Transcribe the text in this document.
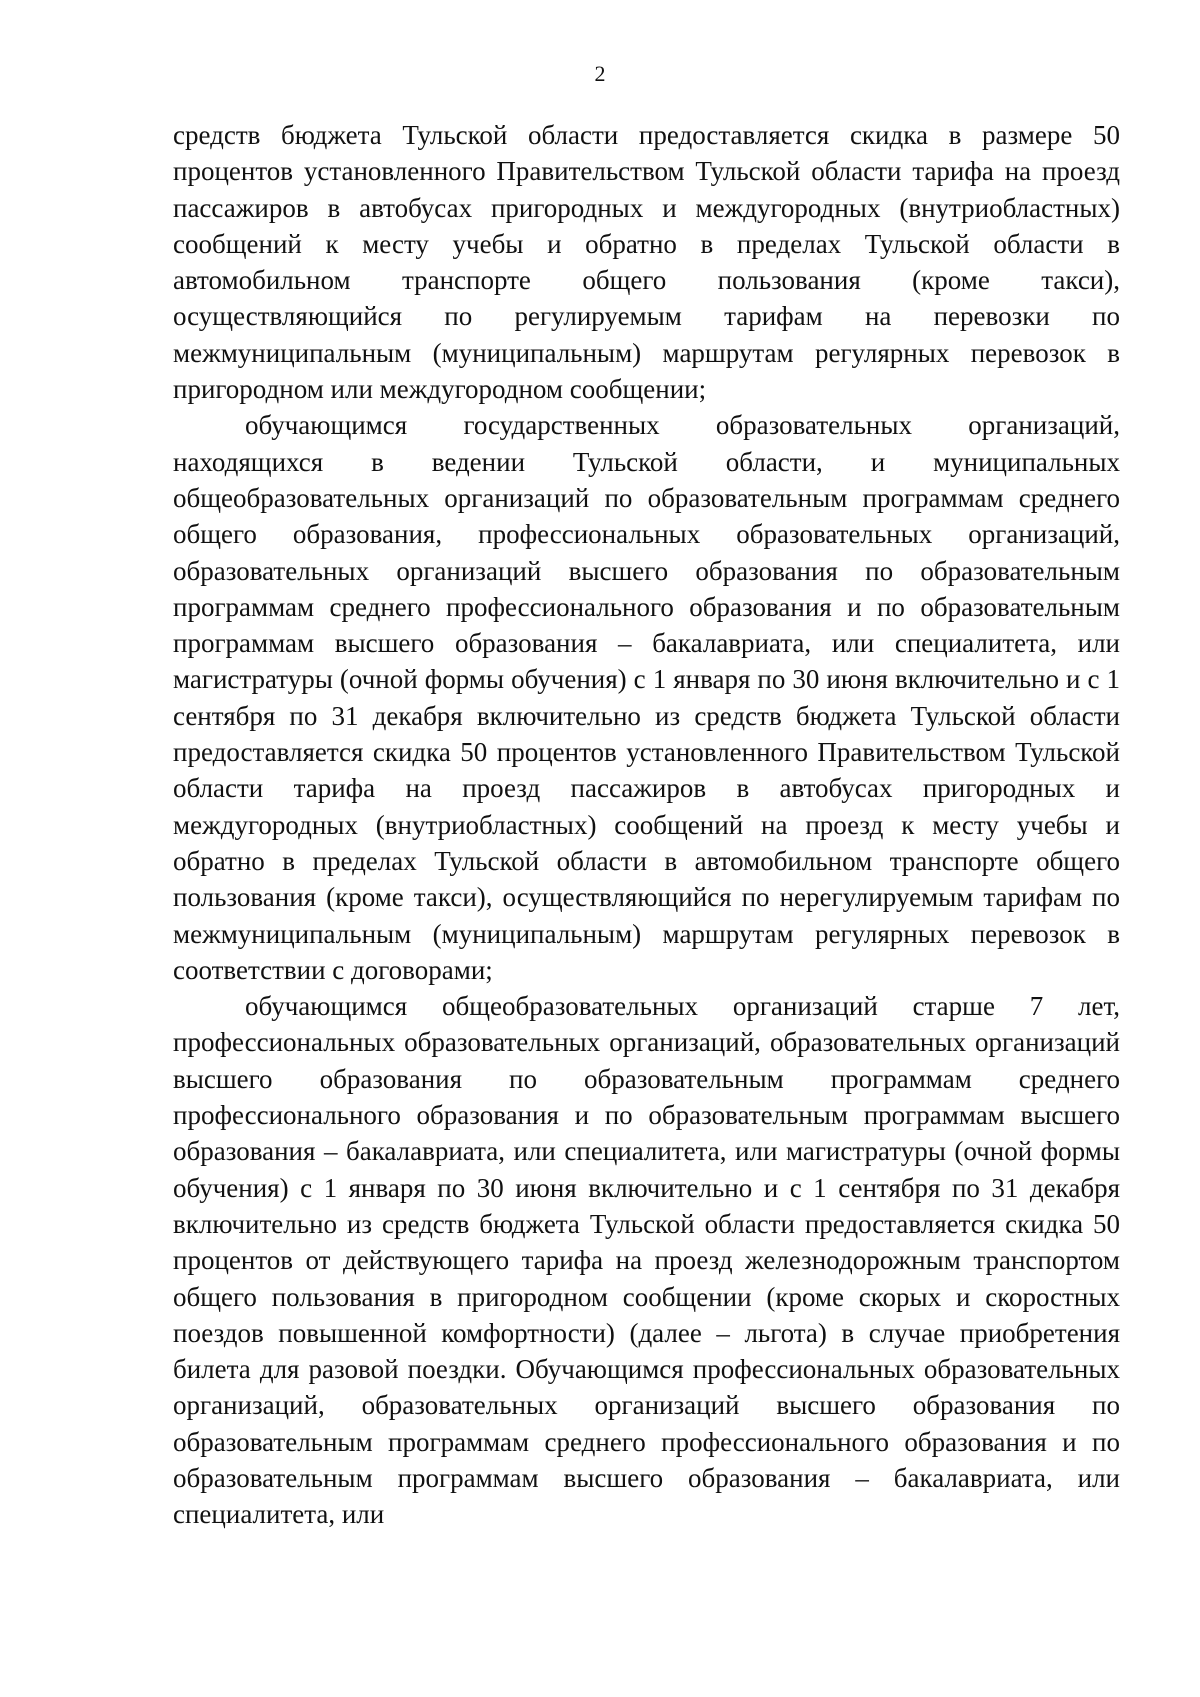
2

средств бюджета Тульской области предоставляется скидка в размере 50 процентов установленного Правительством Тульской области тарифа на проезд пассажиров в автобусах пригородных и междугородных (внутриобластных) сообщений к месту учебы и обратно в пределах Тульской области в автомобильном транспорте общего пользования (кроме такси), осуществляющийся по регулируемым тарифам на перевозки по межмуниципальным (муниципальным) маршрутам регулярных перевозок в пригородном или междугородном сообщении;

обучающимся государственных образовательных организаций, находящихся в ведении Тульской области, и муниципальных общеобразовательных организаций по образовательным программам среднего общего образования, профессиональных образовательных организаций, образовательных организаций высшего образования по образовательным программам среднего профессионального образования и по образовательным программам высшего образования – бакалавриата, или специалитета, или магистратуры (очной формы обучения) с 1 января по 30 июня включительно и с 1 сентября по 31 декабря включительно из средств бюджета Тульской области предоставляется скидка 50 процентов установленного Правительством Тульской области тарифа на проезд пассажиров в автобусах пригородных и междугородных (внутриобластных) сообщений на проезд к месту учебы и обратно в пределах Тульской области в автомобильном транспорте общего пользования (кроме такси), осуществляющийся по нерегулируемым тарифам по межмуниципальным (муниципальным) маршрутам регулярных перевозок в соответствии с договорами;

обучающимся общеобразовательных организаций старше 7 лет, профессиональных образовательных организаций, образовательных организаций высшего образования по образовательным программам среднего профессионального образования и по образовательным программам высшего образования – бакалавриата, или специалитета, или магистратуры (очной формы обучения) с 1 января по 30 июня включительно и с 1 сентября по 31 декабря включительно из средств бюджета Тульской области предоставляется скидка 50 процентов от действующего тарифа на проезд железнодорожным транспортом общего пользования в пригородном сообщении (кроме скорых и скоростных поездов повышенной комфортности) (далее – льгота) в случае приобретения билета для разовой поездки. Обучающимся профессиональных образовательных организаций, образовательных организаций высшего образования по образовательным программам среднего профессионального образования и по образовательным программам высшего образования – бакалавриата, или специалитета, или
